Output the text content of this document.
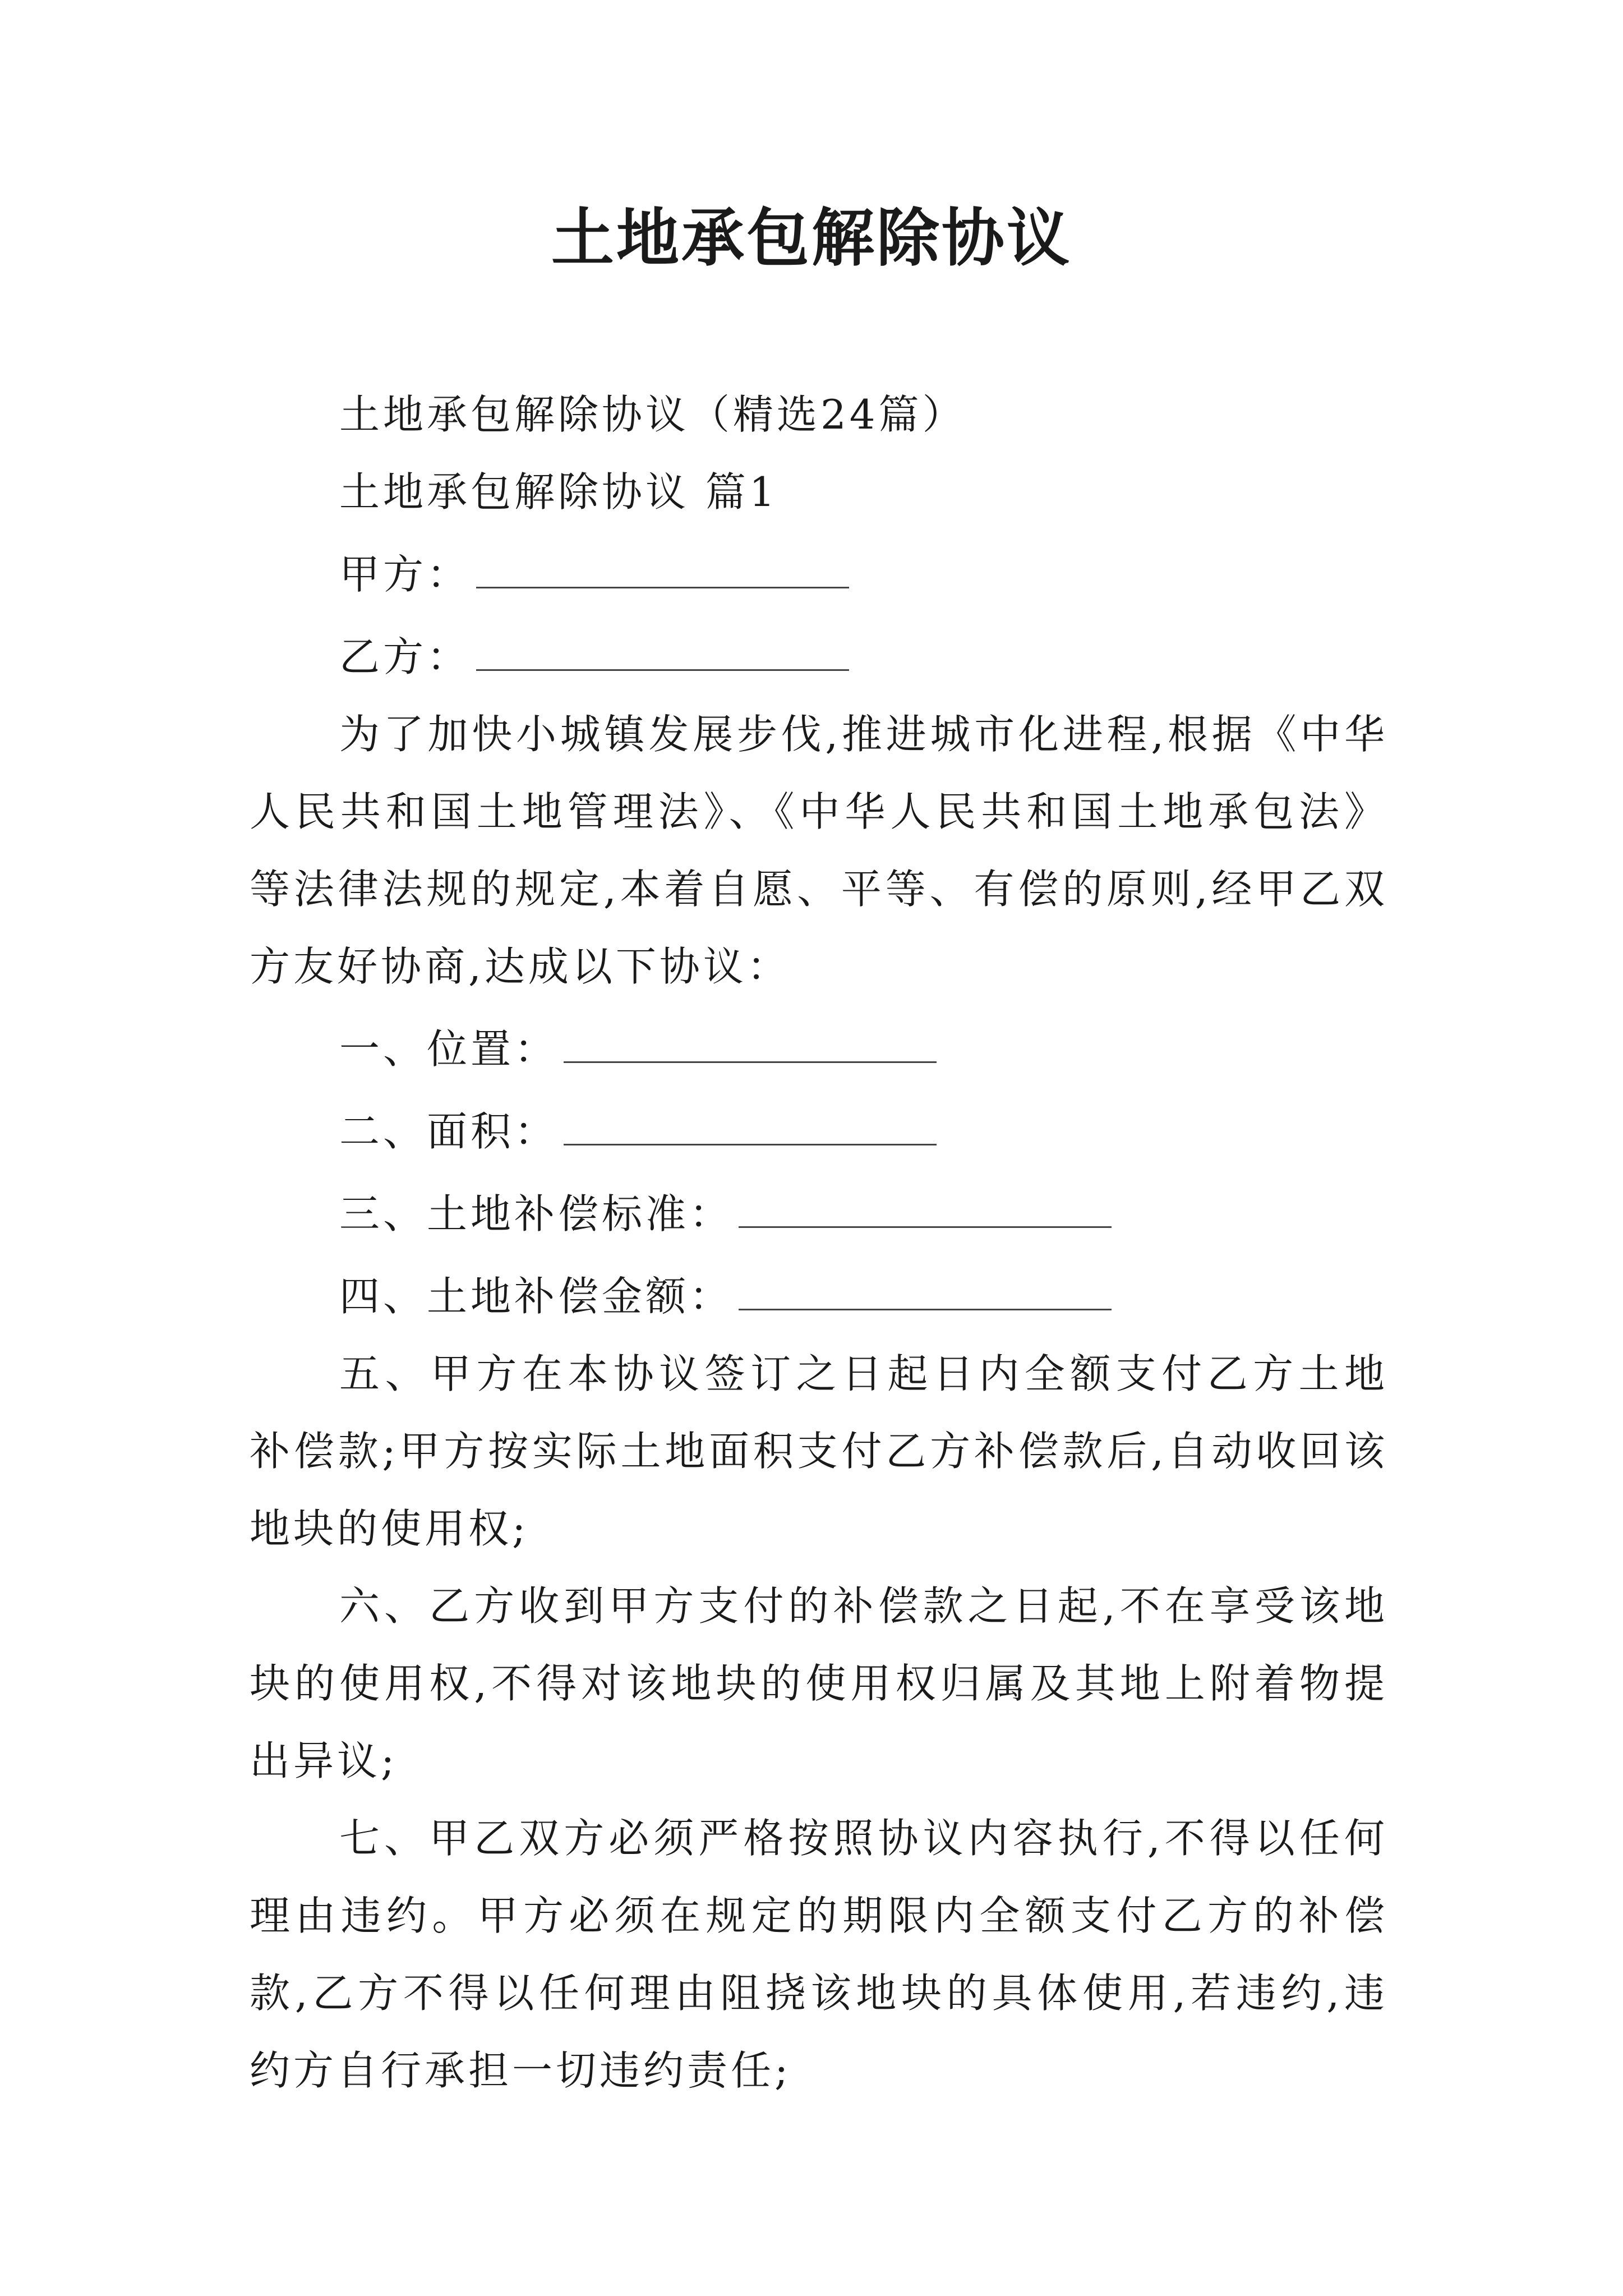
土地承包解除协议

土地承包解除协议（精选24篇）

土地承包解除协议 篇1

甲方：

乙方：

为了加快小城镇发展步伐,推进城市化进程,根据《中华人民共和国土地管理法》、《中华人民共和国土地承包法》等法律法规的规定,本着自愿、平等、有偿的原则,经甲乙双方友好协商,达成以下协议：

一、位置：

二、面积：

三、土地补偿标准：

四、土地补偿金额：

五、甲方在本协议签订之日起日内全额支付乙方土地补偿款;甲方按实际土地面积支付乙方补偿款后,自动收回该地块的使用权;

六、乙方收到甲方支付的补偿款之日起,不在享受该地块的使用权,不得对该地块的使用权归属及其地上附着物提出异议;

七、甲乙双方必须严格按照协议内容执行,不得以任何理由违约。甲方必须在规定的期限内全额支付乙方的补偿款,乙方不得以任何理由阻挠该地块的具体使用,若违约,违约方自行承担一切违约责任;
